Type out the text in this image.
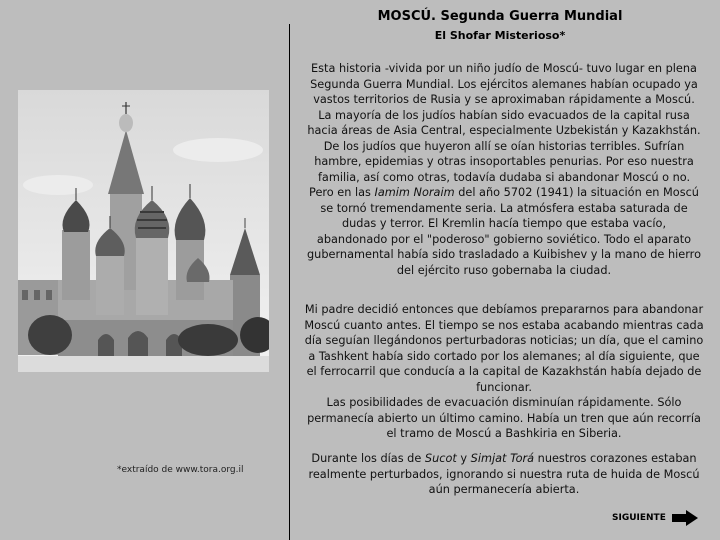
MOSCÚ. Segunda Guerra Mundial
El Shofar Misterioso*
*extraído de www.tora.org.il

Esta historia -vivida por un niño judío de Moscú- tuvo lugar en plena Segunda Guerra Mundial. Los ejércitos alemanes habían ocupado ya vastos territorios de Rusia y se aproximaban rápidamente a Moscú. La mayoría de los judíos habían sido evacuados de la capital rusa hacia áreas de Asia Central, especialmente Uzbekistán y Kazakhstán. De los judíos que huyeron allí se oían historias terribles. Sufrían hambre, epidemias y otras insoportables penurias. Por eso nuestra familia, así como otras, todavía dudaba si abandonar Moscú o no. Pero en las Iamim Noraim del año 5702 (1941) la situación en Moscú se tornó tremendamente seria. La atmósfera estaba saturada de dudas y terror. El Kremlin hacía tiempo que estaba vacío, abandonado por el "poderoso" gobierno soviético. Todo el aparato gubernamental había sido trasladado a Kuibishev y la mano de hierro del ejército ruso gobernaba la ciudad.

Mi padre decidió entonces que debíamos prepararnos para abandonar Moscú cuanto antes. El tiempo se nos estaba acabando mientras cada día seguían llegándonos perturbadoras noticias; un día, que el camino a Tashkent había sido cortado por los alemanes; al día siguiente, que el ferrocarril que conducía a la capital de Kazakhstán había dejado de funcionar.
Las posibilidades de evacuación disminuían rápidamente. Sólo permanecía abierto un último camino. Había un tren que aún recorría el tramo de Moscú a Bashkiria en Siberia.

Durante los días de Sucot y Simjat Torá nuestros corazones estaban realmente perturbados, ignorando si nuestra ruta de huida de Moscú aún permanecería abierta.

SIGUIENTE
